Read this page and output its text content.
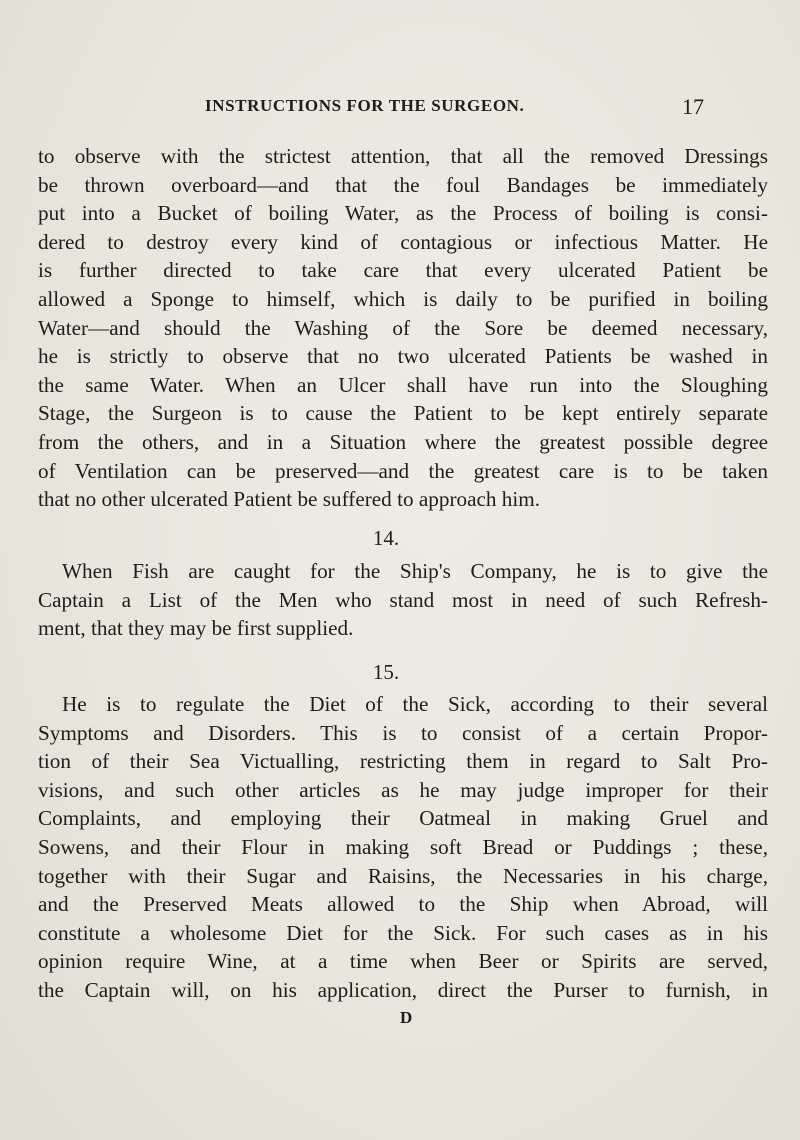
INSTRUCTIONS FOR THE SURGEON.	17
to observe with the strictest attention, that all the removed Dressings
be thrown overboard—and that the foul Bandages be immediately
put into a Bucket of boiling Water, as the Process of boiling is consi-
dered to destroy every kind of contagious or infectious Matter. He
is further directed to take care that every ulcerated Patient be
allowed a Sponge to himself, which is daily to be purified in boiling
Water—and should the Washing of the Sore be deemed necessary,
he is strictly to observe that no two ulcerated Patients be washed in
the same Water. When an Ulcer shall have run into the Sloughing
Stage, the Surgeon is to cause the Patient to be kept entirely separate
from the others, and in a Situation where the greatest possible degree
of Ventilation can be preserved—and the greatest care is to be taken
that no other ulcerated Patient be suffered to approach him.
14.
When Fish are caught for the Ship's Company, he is to give the
Captain a List of the Men who stand most in need of such Refresh-
ment, that they may be first supplied.
15.
He is to regulate the Diet of the Sick, according to their several
Symptoms and Disorders. This is to consist of a certain Propor-
tion of their Sea Victualling, restricting them in regard to Salt Pro-
visions, and such other articles as he may judge improper for their
Complaints, and employing their Oatmeal in making Gruel and
Sowens, and their Flour in making soft Bread or Puddings ; these,
together with their Sugar and Raisins, the Necessaries in his charge,
and the Preserved Meats allowed to the Ship when Abroad, will
constitute a wholesome Diet for the Sick. For such cases as in his
opinion require Wine, at a time when Beer or Spirits are served,
the Captain will, on his application, direct the Purser to furnish, in
D
